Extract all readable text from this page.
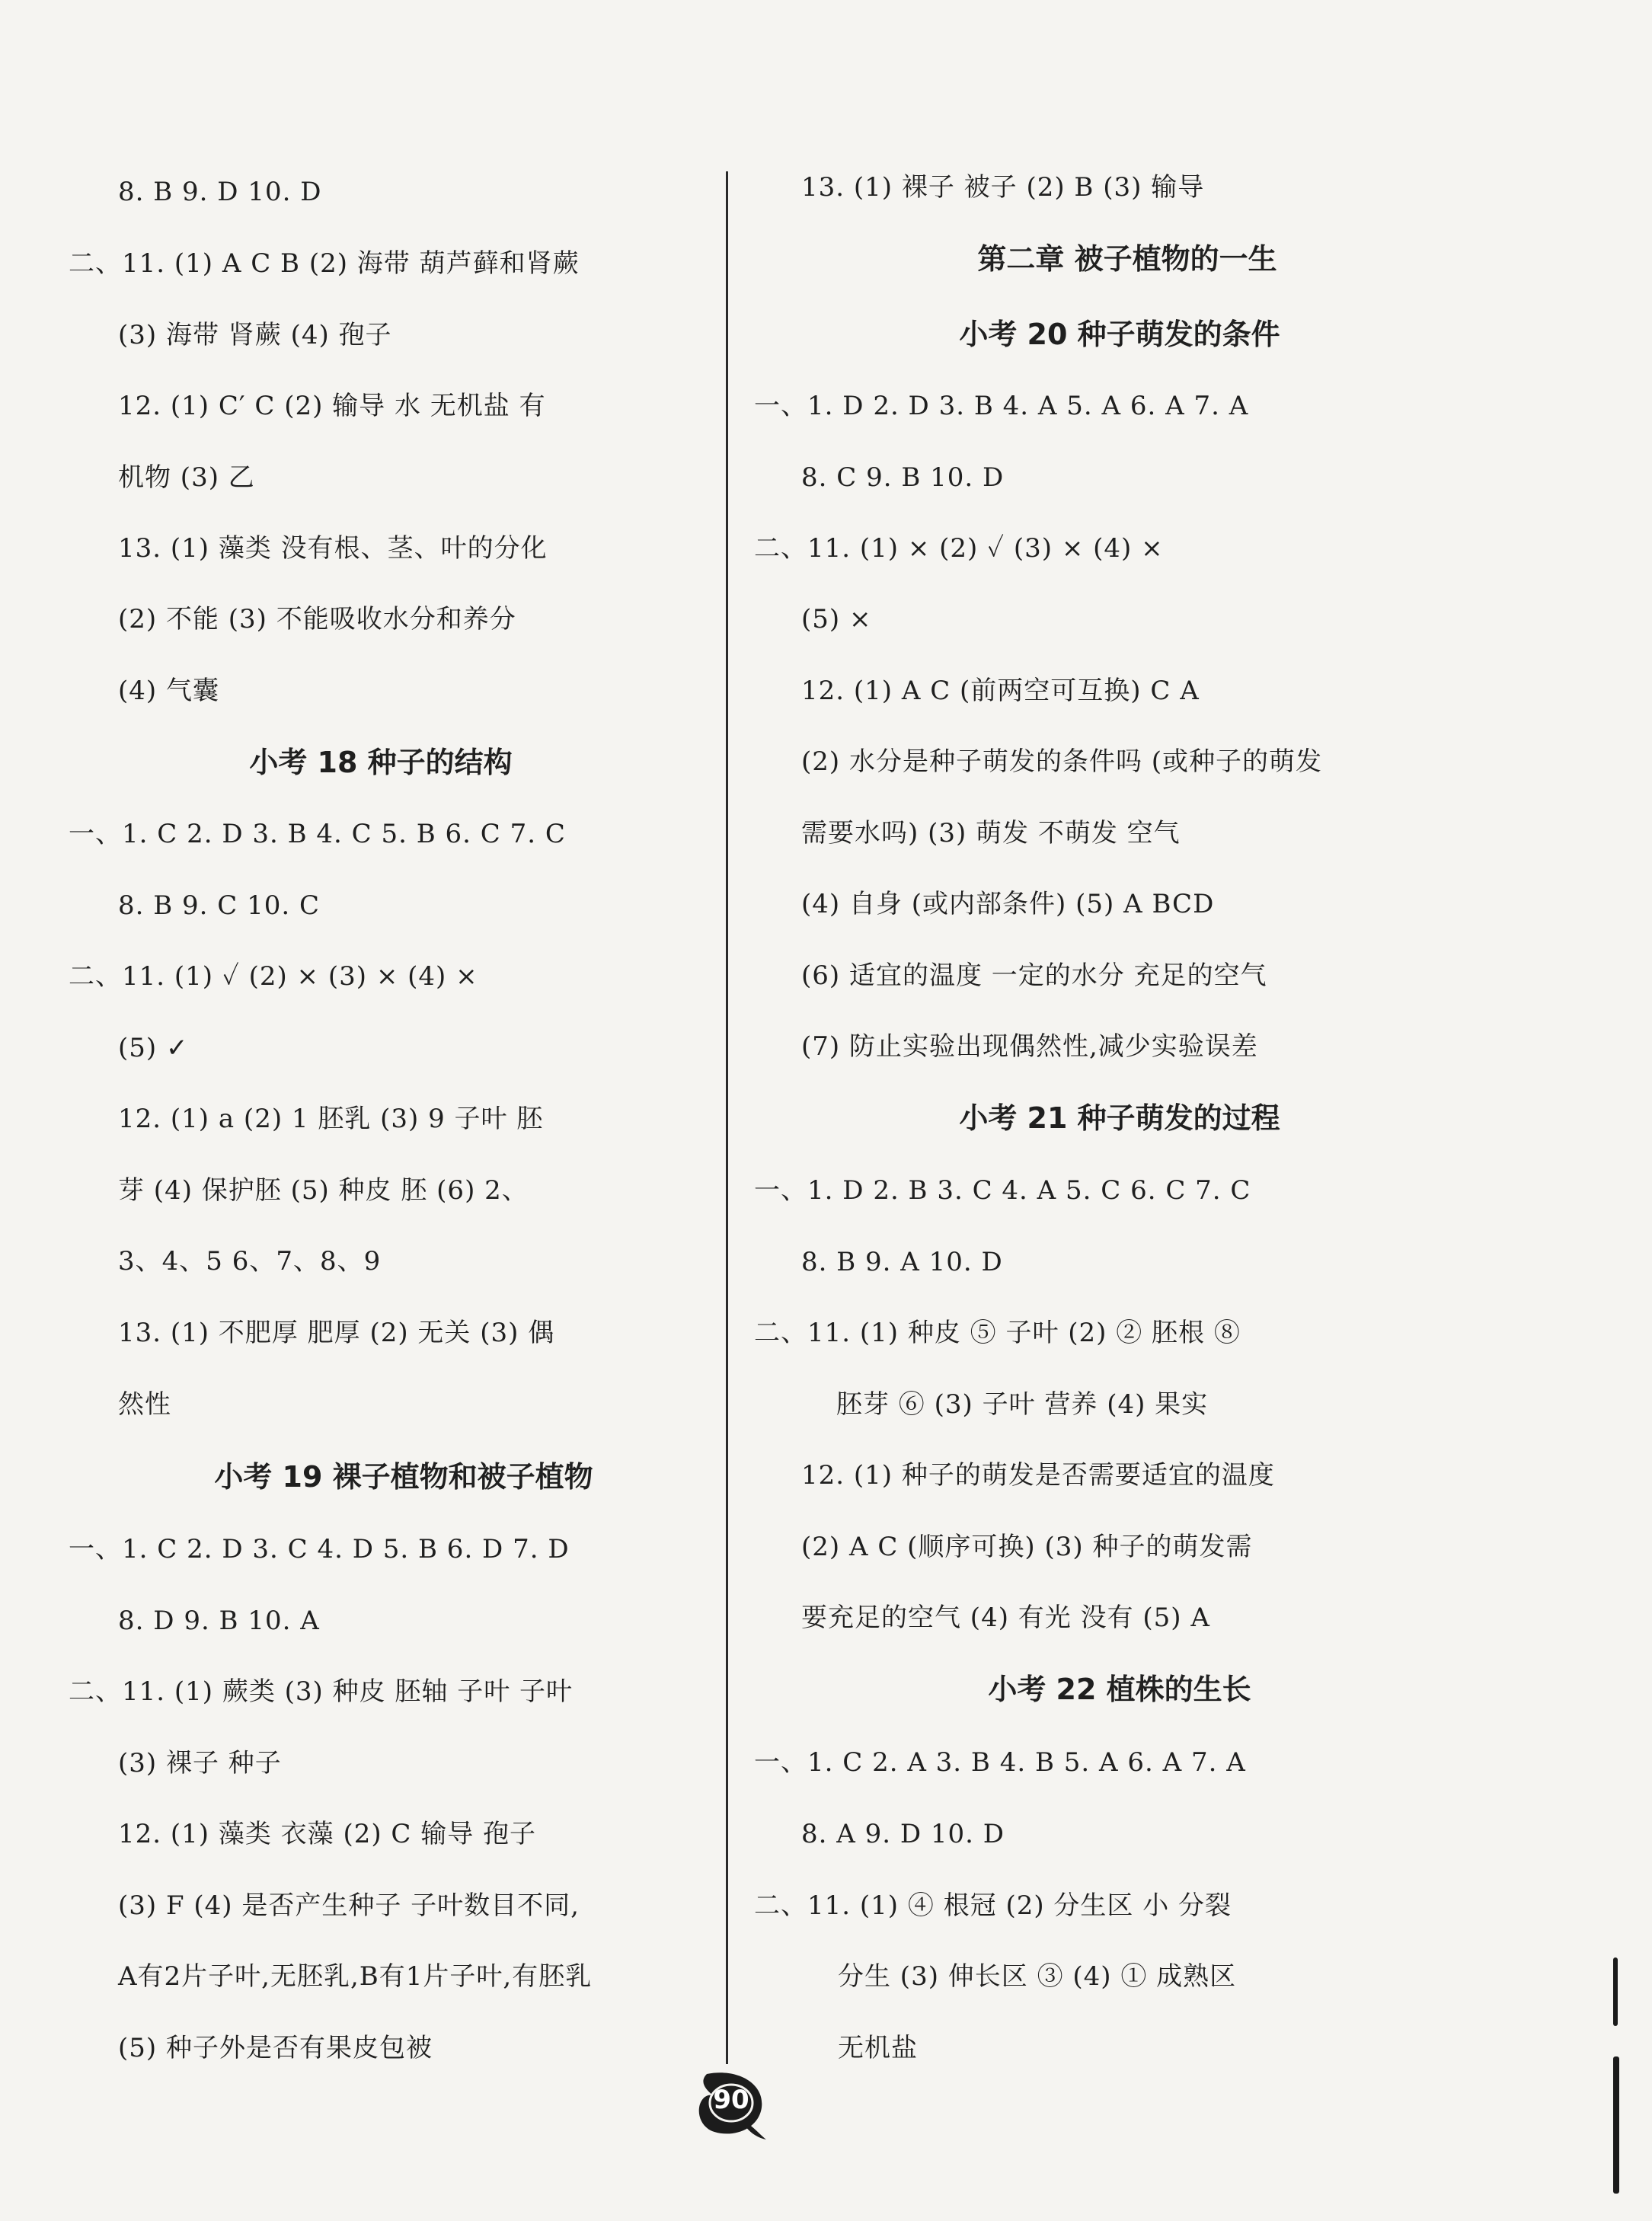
8. B 9. D 10. D
二、11. (1) A C B (2) 海带 葫芦藓和肾蕨
(3) 海带 肾蕨 (4) 孢子
12. (1) C′ C (2) 输导 水 无机盐 有
机物 (3) 乙
13. (1) 藻类 没有根、茎、叶的分化
(2) 不能 (3) 不能吸收水分和养分
(4) 气囊
小考 18 种子的结构
一、1. C 2. D 3. B 4. C 5. B 6. C 7. C
8. B 9. C 10. C
二、11. (1) ✓ (2) × (3) × (4) ×
(5) ✓
12. (1) a (2) 1 胚乳 (3) 9 子叶 胚
芽 (4) 保护胚 (5) 种皮 胚 (6) 2、
3、4、5 6、7、8、9
13. (1) 不肥厚 肥厚 (2) 无关 (3) 偶
然性
小考 19 裸子植物和被子植物
一、1. C 2. D 3. C 4. D 5. B 6. D 7. D
8. D 9. B 10. A
二、11. (1) 蕨类 (3) 种皮 胚轴 子叶 子叶
(3) 裸子 种子
12. (1) 藻类 衣藻 (2) C 输导 孢子
(3) F (4) 是否产生种子 子叶数目不同,
A有2片子叶,无胚乳,B有1片子叶,有胚乳
(5) 种子外是否有果皮包被
13. (1) 裸子 被子 (2) B (3) 输导
第二章 被子植物的一生
小考 20 种子萌发的条件
一、1. D 2. D 3. B 4. A 5. A 6. A 7. A
8. C 9. B 10. D
二、11. (1) × (2) ✓ (3) × (4) ×
(5) ×
12. (1) A C (前两空可互换) C A
(2) 水分是种子萌发的条件吗 (或种子的萌发
需要水吗) (3) 萌发 不萌发 空气
(4) 自身 (或内部条件) (5) A BCD
(6) 适宜的温度 一定的水分 充足的空气
(7) 防止实验出现偶然性,减少实验误差
小考 21 种子萌发的过程
一、1. D 2. B 3. C 4. A 5. C 6. C 7. C
8. B 9. A 10. D
二、11. (1) 种皮 ⑤ 子叶 (2) ② 胚根 ⑧
胚芽 ⑥ (3) 子叶 营养 (4) 果实
12. (1) 种子的萌发是否需要适宜的温度
(2) A C (顺序可换) (3) 种子的萌发需
要充足的空气 (4) 有光 没有 (5) A
小考 22 植株的生长
一、1. C 2. A 3. B 4. B 5. A 6. A 7. A
8. A 9. D 10. D
二、11. (1) ④ 根冠 (2) 分生区 小 分裂
分生 (3) 伸长区 ③ (4) ① 成熟区
无机盐
90
